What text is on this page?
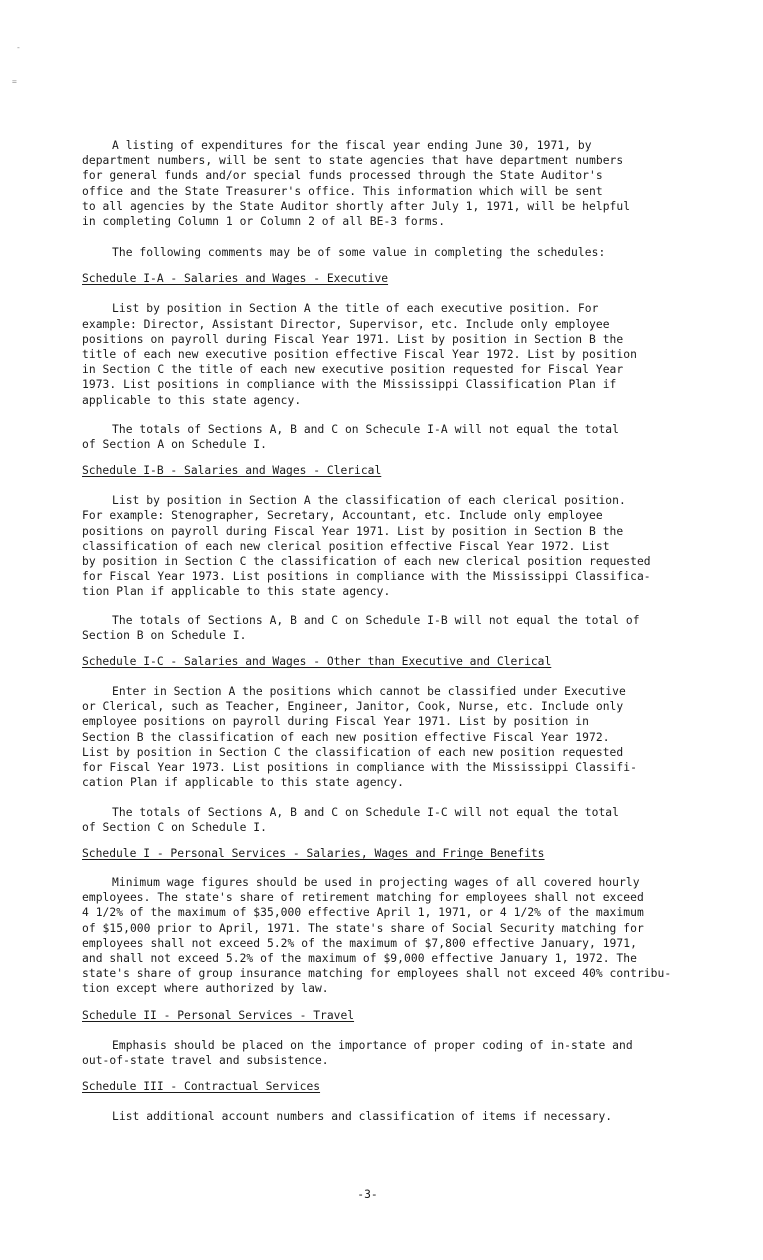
-
=

A listing of expenditures for the fiscal year ending June 30, 1971, by
department numbers, will be sent to state agencies that have department numbers
for general funds and/or special funds processed through the State Auditor's
office and the State Treasurer's office. This information which will be sent
to all agencies by the State Auditor shortly after July 1, 1971, will be helpful
in completing Column 1 or Column 2 of all BE-3 forms.

The following comments may be of some value in completing the schedules:

Schedule I-A - Salaries and Wages - Executive

List by position in Section A the title of each executive position. For
example: Director, Assistant Director, Supervisor, etc. Include only employee
positions on payroll during Fiscal Year 1971. List by position in Section B the
title of each new executive position effective Fiscal Year 1972. List by position
in Section C the title of each new executive position requested for Fiscal Year
1973. List positions in compliance with the Mississippi Classification Plan if
applicable to this state agency.

The totals of Sections A, B and C on Schecule I-A will not equal the total
of Section A on Schedule I.

Schedule I-B - Salaries and Wages - Clerical

List by position in Section A the classification of each clerical position.
For example: Stenographer, Secretary, Accountant, etc. Include only employee
positions on payroll during Fiscal Year 1971. List by position in Section B the
classification of each new clerical position effective Fiscal Year 1972. List
by position in Section C the classification of each new clerical position requested
for Fiscal Year 1973. List positions in compliance with the Mississippi Classifica-
tion Plan if applicable to this state agency.

The totals of Sections A, B and C on Schedule I-B will not equal the total of
Section B on Schedule I.

Schedule I-C - Salaries and Wages - Other than Executive and Clerical

Enter in Section A the positions which cannot be classified under Executive
or Clerical, such as Teacher, Engineer, Janitor, Cook, Nurse, etc. Include only
employee positions on payroll during Fiscal Year 1971. List by position in
Section B the classification of each new position effective Fiscal Year 1972.
List by position in Section C the classification of each new position requested
for Fiscal Year 1973. List positions in compliance with the Mississippi Classifi-
cation Plan if applicable to this state agency.

The totals of Sections A, B and C on Schedule I-C will not equal the total
of Section C on Schedule I.

Schedule I - Personal Services - Salaries, Wages and Fringe Benefits

Minimum wage figures should be used in projecting wages of all covered hourly
employees. The state's share of retirement matching for employees shall not exceed
4 1/2% of the maximum of $35,000 effective April 1, 1971, or 4 1/2% of the maximum
of $15,000 prior to April, 1971. The state's share of Social Security matching for
employees shall not exceed 5.2% of the maximum of $7,800 effective January, 1971,
and shall not exceed 5.2% of the maximum of $9,000 effective January 1, 1972. The
state's share of group insurance matching for employees shall not exceed 40% contribu-
tion except where authorized by law.

Schedule II - Personal Services - Travel

Emphasis should be placed on the importance of proper coding of in-state and
out-of-state travel and subsistence.

Schedule III - Contractual Services

List additional account numbers and classification of items if necessary.

-3-
